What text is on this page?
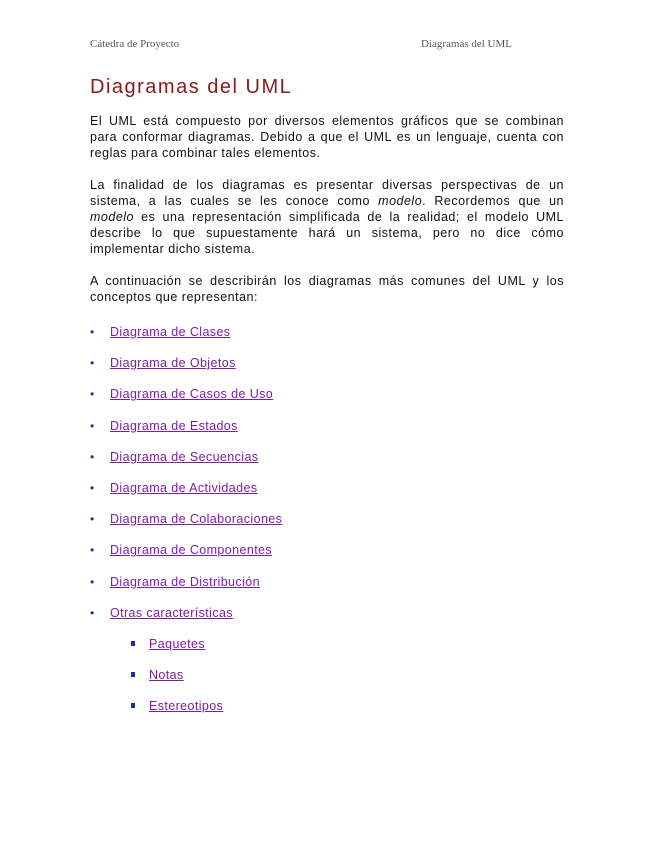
Cátedra de Proyecto	Diagramas del UML
Diagramas del UML

El UML está compuesto por diversos elementos gráficos que se combinan para conformar diagramas. Debido a que el UML es un lenguaje, cuenta con reglas para combinar tales elementos.

La finalidad de los diagramas es presentar diversas perspectivas de un sistema, a las cuales se les conoce como modelo. Recordemos que un modelo es una representación simplificada de la realidad; el modelo UML describe lo que supuestamente hará un sistema, pero no dice cómo implementar dicho sistema.

A continuación se describirán los diagramas más comunes del UML y los conceptos que representan:

• Diagrama de Clases
• Diagrama de Objetos
• Diagrama de Casos de Uso
• Diagrama de Estados
• Diagrama de Secuencias
• Diagrama de Actividades
• Diagrama de Colaboraciones
• Diagrama de Componentes
• Diagrama de Distribución
• Otras características
Paquetes
Notas
Estereotipos
